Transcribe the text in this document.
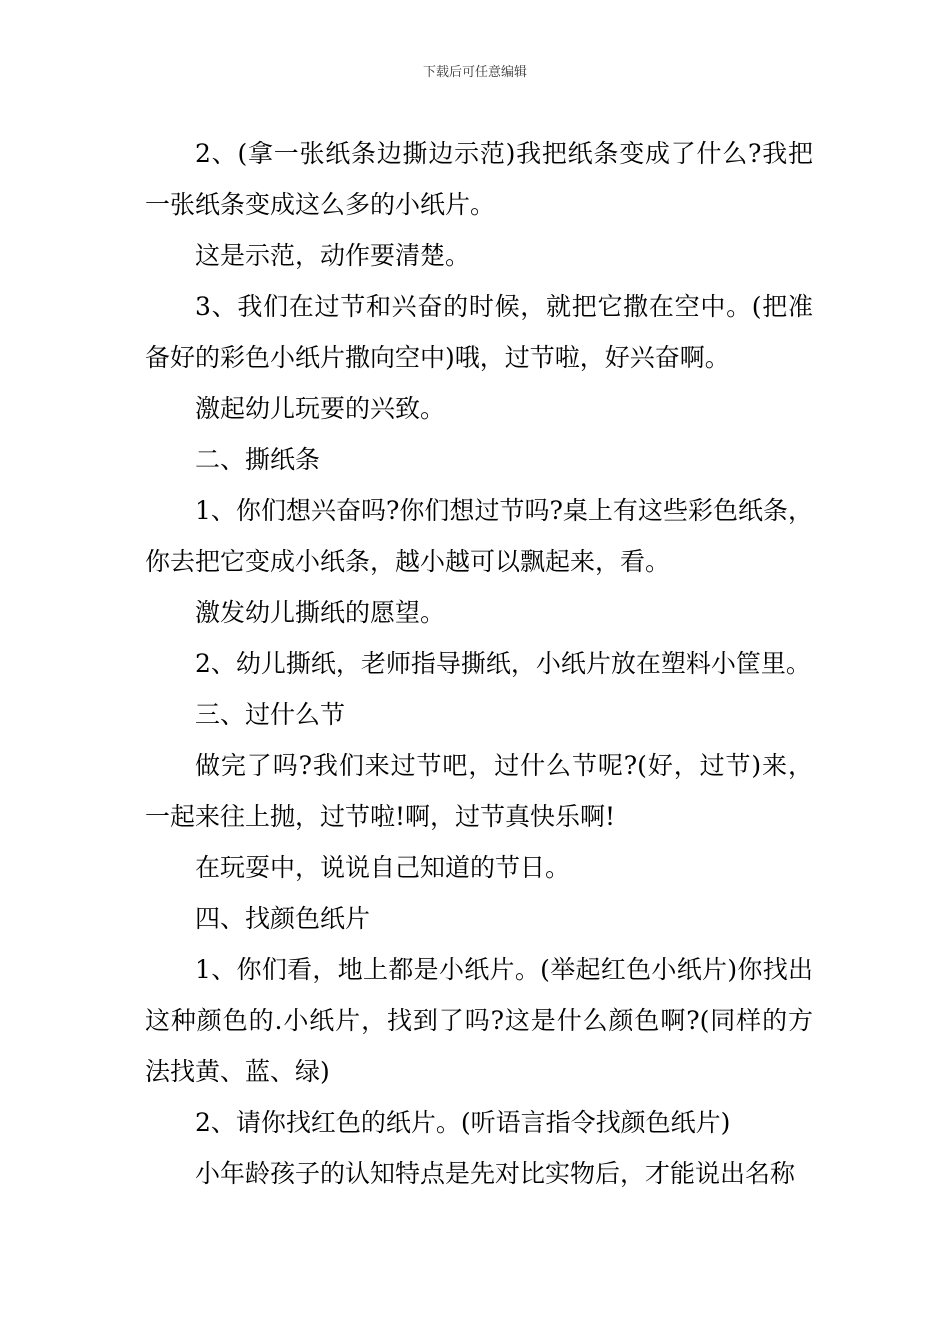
下载后可任意编辑

2、(拿一张纸条边撕边示范)我把纸条变成了什么?我把一张纸条变成这么多的小纸片。

这是示范，动作要清楚。

3、我们在过节和兴奋的时候，就把它撒在空中。(把准备好的彩色小纸片撒向空中)哦，过节啦，好兴奋啊。

激起幼儿玩要的兴致。

二、撕纸条

1、你们想兴奋吗?你们想过节吗?桌上有这些彩色纸条，你去把它变成小纸条，越小越可以飘起来，看。

激发幼儿撕纸的愿望。

2、幼儿撕纸，老师指导撕纸，小纸片放在塑料小筐里。

三、过什么节

做完了吗?我们来过节吧，过什么节呢?(好，过节)来，一起来往上抛，过节啦!啊，过节真快乐啊!

在玩耍中，说说自己知道的节日。

四、找颜色纸片

1、你们看，地上都是小纸片。(举起红色小纸片)你找出这种颜色的.小纸片，找到了吗?这是什么颜色啊?(同样的方法找黄、蓝、绿)

2、请你找红色的纸片。(听语言指令找颜色纸片)

小年龄孩子的认知特点是先对比实物后，才能说出名称
